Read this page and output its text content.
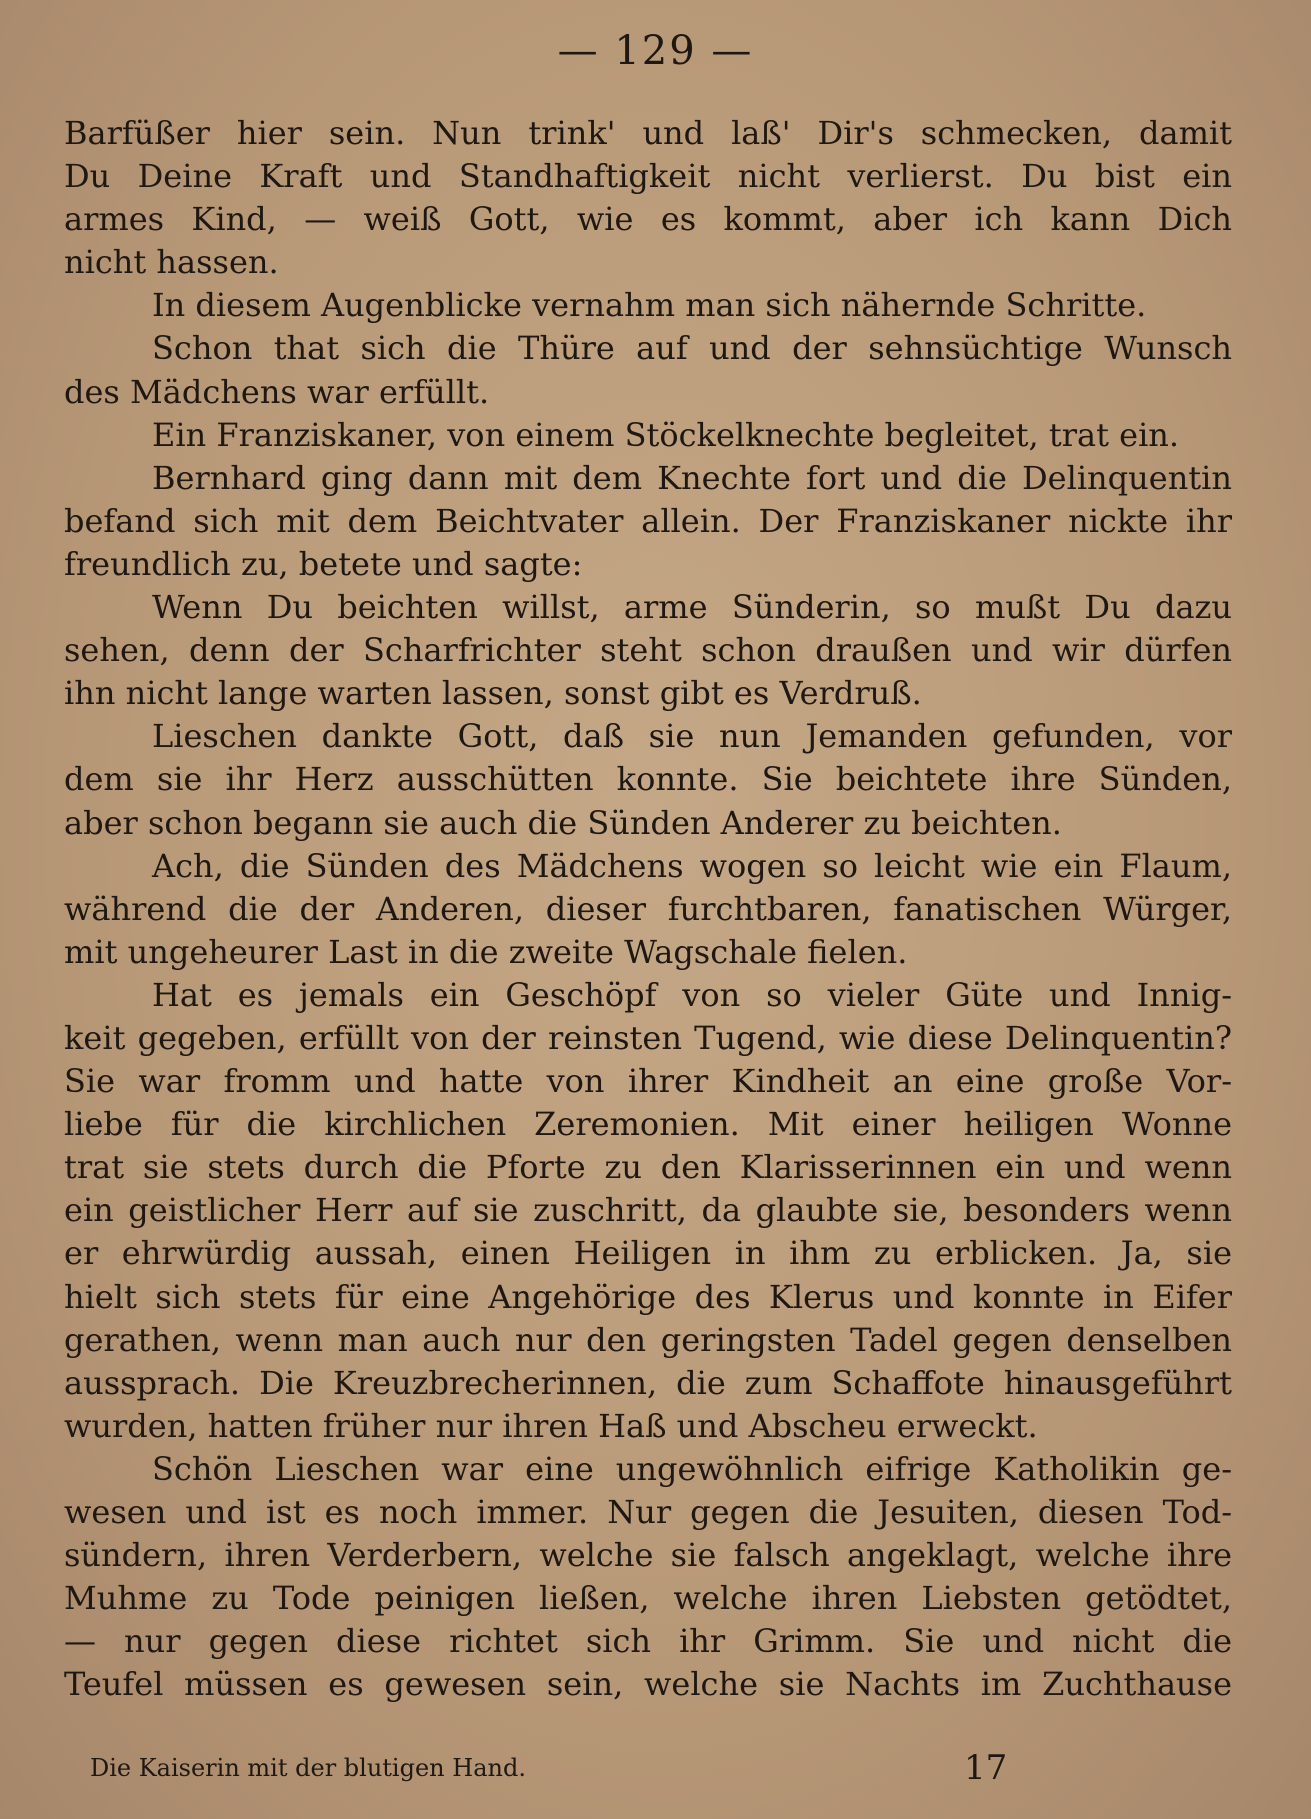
— 129 —

Barfüßer hier sein. Nun trink' und laß' Dir's schmecken, damit
Du Deine Kraft und Standhaftigkeit nicht verlierst. Du bist ein
armes Kind, — weiß Gott, wie es kommt, aber ich kann Dich
nicht hassen.
In diesem Augenblicke vernahm man sich nähernde Schritte.
Schon that sich die Thüre auf und der sehnsüchtige Wunsch
des Mädchens war erfüllt.
Ein Franziskaner, von einem Stöckelknechte begleitet, trat ein.
Bernhard ging dann mit dem Knechte fort und die Delinquentin
befand sich mit dem Beichtvater allein. Der Franziskaner nickte ihr
freundlich zu, betete und sagte:
Wenn Du beichten willst, arme Sünderin, so mußt Du dazu
sehen, denn der Scharfrichter steht schon draußen und wir dürfen
ihn nicht lange warten lassen, sonst gibt es Verdruß.
Lieschen dankte Gott, daß sie nun Jemanden gefunden, vor
dem sie ihr Herz ausschütten konnte. Sie beichtete ihre Sünden,
aber schon begann sie auch die Sünden Anderer zu beichten.
Ach, die Sünden des Mädchens wogen so leicht wie ein Flaum,
während die der Anderen, dieser furchtbaren, fanatischen Würger,
mit ungeheurer Last in die zweite Wagschale fielen.
Hat es jemals ein Geschöpf von so vieler Güte und Innig-
keit gegeben, erfüllt von der reinsten Tugend, wie diese Delinquentin?
Sie war fromm und hatte von ihrer Kindheit an eine große Vor-
liebe für die kirchlichen Zeremonien. Mit einer heiligen Wonne
trat sie stets durch die Pforte zu den Klarisserinnen ein und wenn
ein geistlicher Herr auf sie zuschritt, da glaubte sie, besonders wenn
er ehrwürdig aussah, einen Heiligen in ihm zu erblicken. Ja, sie
hielt sich stets für eine Angehörige des Klerus und konnte in Eifer
gerathen, wenn man auch nur den geringsten Tadel gegen denselben
aussprach. Die Kreuzbrecherinnen, die zum Schaffote hinausgeführt
wurden, hatten früher nur ihren Haß und Abscheu erweckt.
Schön Lieschen war eine ungewöhnlich eifrige Katholikin ge-
wesen und ist es noch immer. Nur gegen die Jesuiten, diesen Tod-
sündern, ihren Verderbern, welche sie falsch angeklagt, welche ihre
Muhme zu Tode peinigen ließen, welche ihren Liebsten getödtet,
— nur gegen diese richtet sich ihr Grimm. Sie und nicht die
Teufel müssen es gewesen sein, welche sie Nachts im Zuchthause

Die Kaiserin mit der blutigen Hand.	17
